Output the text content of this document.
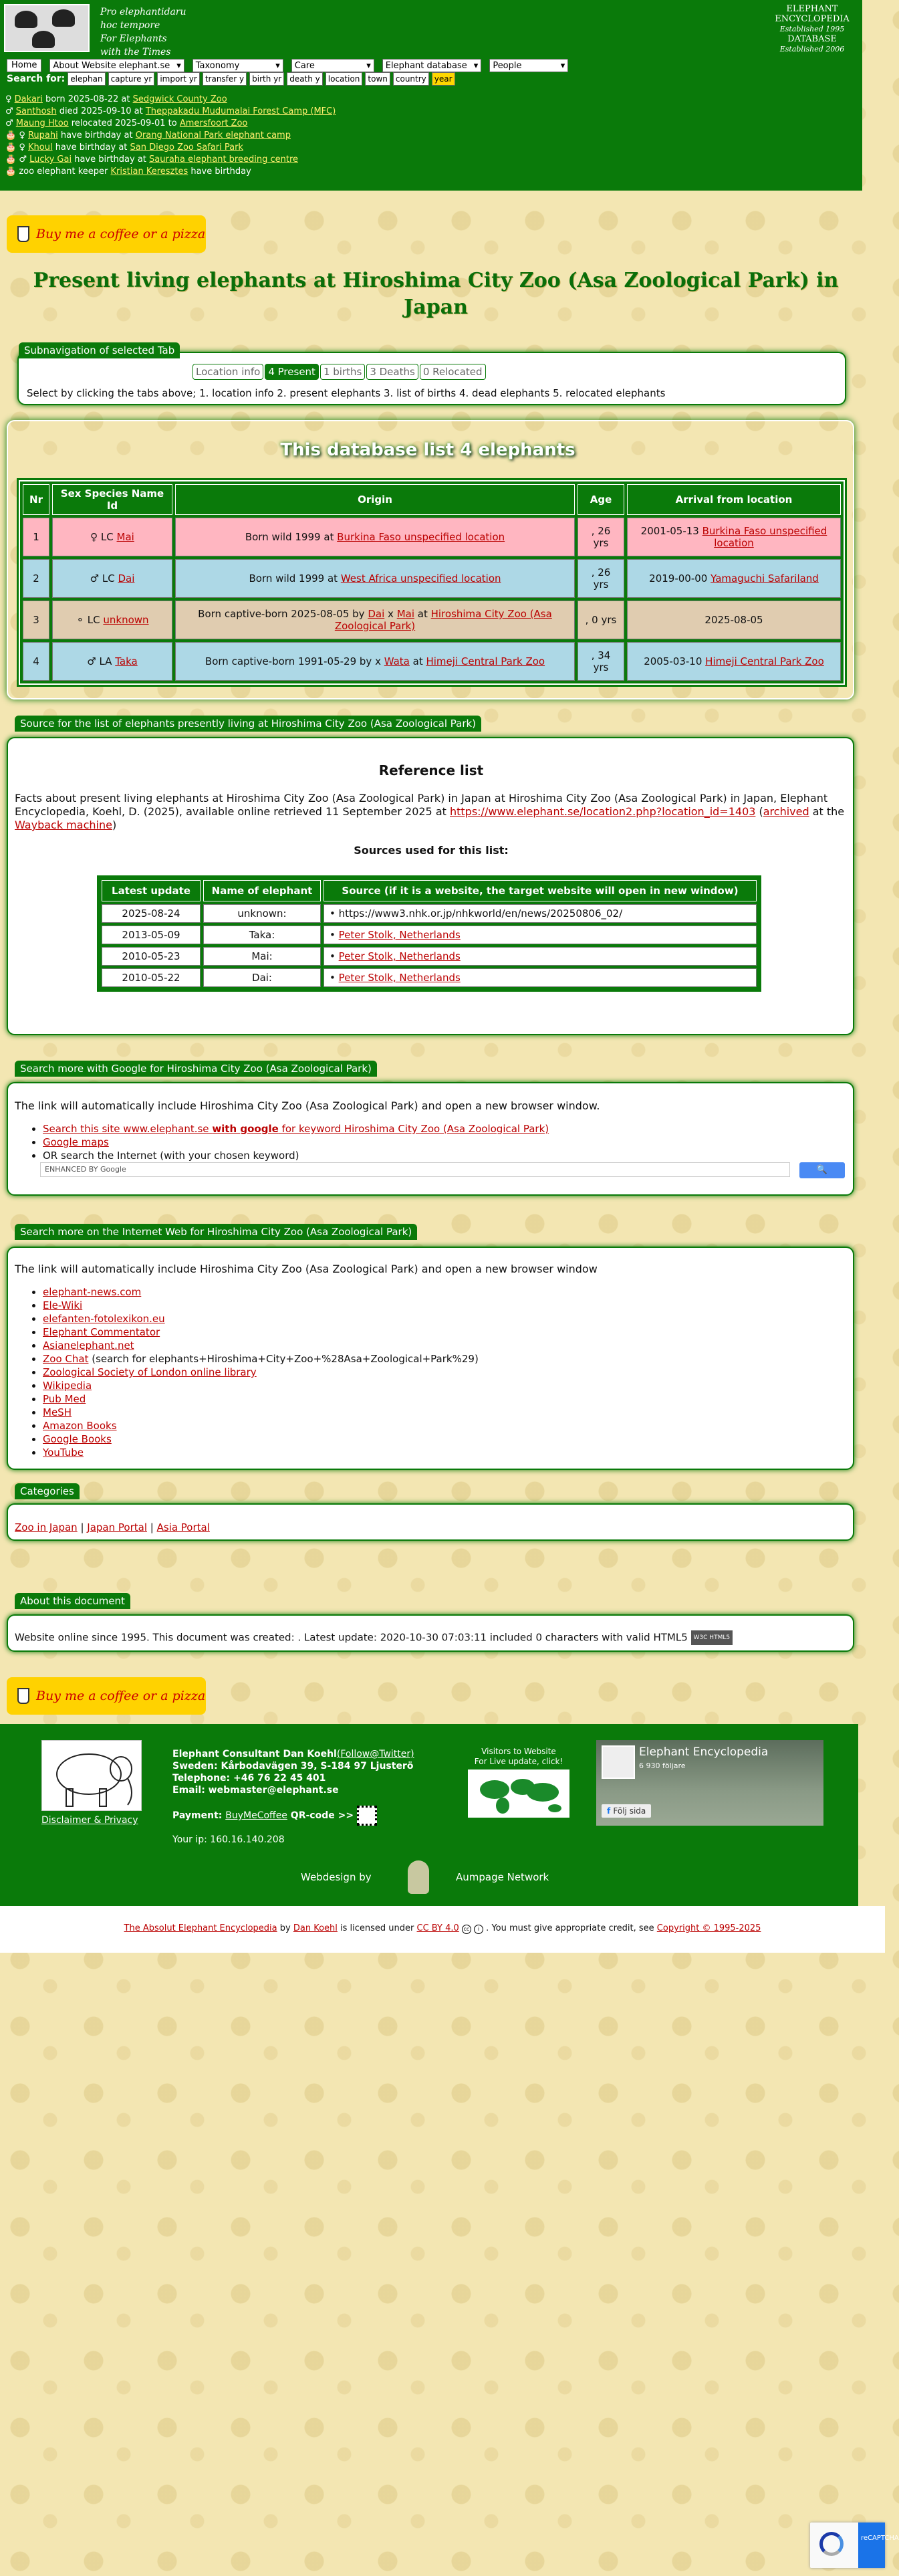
Pro elephantidaru
hoc tempore
For Elephants
with the Times
ELEPHANT
ENCYCLOPEDIA
Established 1995
DATABASE
Established 2006
Home	About Website elephant.se ▾ Taxonomy	▾ Care	▾ Elephant database ▾ People	▾
Search for: elephan	capture yr	import yr	transfer y	birth yr	death y	location	town	country	year
♀ Dakari born 2025-08-22 at Sedgwick County Zoo
♂ Santhosh died 2025-09-10 at Theppakadu Mudumalai Forest Camp (MFC)
♂ Maung Htoo relocated 2025-09-01 to Amersfoort Zoo
🎂 ♀ Rupahi have birthday at Orang National Park elephant camp
🎂 ♀ Khoul have birthday at San Diego Zoo Safari Park
🎂 ♂ Lucky Gai have birthday at Sauraha elephant breeding centre
🎂 zoo elephant keeper Kristian Keresztes have birthday
Buy me a coffee or a pizza
Present living elephants at Hiroshima City Zoo (Asa Zoological Park) in Japan
Subnavigation of selected Tab
Location info 4 Present 1 births 3 Deaths 0 Relocated
Select by clicking the tabs above; 1. location info 2. present elephants 3. list of births 4. dead elephants 5. relocated elephants
This database list 4 elephants
Nr	Sex Species Name Id	Origin	Age	Arrival from location
1	♀ LC Mai	Born wild 1999 at Burkina Faso unspecified location	, 26 yrs	2001-05-13 Burkina Faso unspecified location
2	♂ LC Dai	Born wild 1999 at West Africa unspecified location	, 26 yrs	2019-00-00 Yamaguchi Safariland
3	⚬ LC unknown	Born captive-born 2025-08-05 by Dai x Mai at Hiroshima City Zoo (Asa Zoological Park)	, 0 yrs	2025-08-05
4	♂ LA Taka	Born captive-born 1991-05-29 by x Wata at Himeji Central Park Zoo	, 34 yrs	2005-03-10 Himeji Central Park Zoo
Source for the list of elephants presently living at Hiroshima City Zoo (Asa Zoological Park)
Reference list
Facts about present living elephants at Hiroshima City Zoo (Asa Zoological Park) in Japan at Hiroshima City Zoo (Asa Zoological Park) in Japan, Elephant Encyclopedia, Koehl, D. (2025), available online retrieved 11 September 2025 at https://www.elephant.se/location2.php?location_id=1403 (archived at the Wayback machine)
Sources used for this list:
Latest update	Name of elephant	Source (if it is a website, the target website will open in new window)
2025-08-24	unknown:	• https://www3.nhk.or.jp/nhkworld/en/news/20250806_02/
2013-05-09	Taka:	• Peter Stolk, Netherlands
2010-05-23	Mai:	• Peter Stolk, Netherlands
2010-05-22	Dai:	• Peter Stolk, Netherlands
Search more with Google for Hiroshima City Zoo (Asa Zoological Park)
The link will automatically include Hiroshima City Zoo (Asa Zoological Park) and open a new browser window.
• Search this site www.elephant.se with google for keyword Hiroshima City Zoo (Asa Zoological Park)
• Google maps
• OR search the Internet (with your chosen keyword)
ENHANCED BY Google	🔍
Search more on the Internet Web for Hiroshima City Zoo (Asa Zoological Park)
The link will automatically include Hiroshima City Zoo (Asa Zoological Park) and open a new browser window
• elephant-news.com
• Ele-Wiki
• elefanten-fotolexikon.eu
• Elephant Commentator
• Asianelephant.net
• Zoo Chat (search for elephants+Hiroshima+City+Zoo+%28Asa+Zoological+Park%29)
• Zoological Society of London online library
• Wikipedia
• Pub Med
• MeSH
• Amazon Books
• Google Books
• YouTube
Categories
Zoo in Japan | Japan Portal | Asia Portal
About this document
Website online since 1995. This document was created: . Latest update: 2020-10-30 07:03:11 included 0 characters with valid HTML5 W3C HTML5
Buy me a coffee or a pizza
Disclaimer & Privacy
Elephant Consultant Dan Koehl(Follow@Twitter)
Sweden: Kårbodavägen 39, S-184 97 Ljusterö
Telephone: +46 76 22 45 401
Email: webmaster@elephant.se
Payment: BuyMeCoffee QR-code >>
Your ip: 160.16.140.208
Visitors to Website
For Live update, click!
Elephant Encyclopedia
6 930 följare
f Följ sida
Webdesign by	Aumpage Network
The Absolut Elephant Encyclopedia by Dan Koehl is licensed under CC BY 4.0 cc i . You must give appropriate credit, see Copyright © 1995-2025
reCAPTCHA
